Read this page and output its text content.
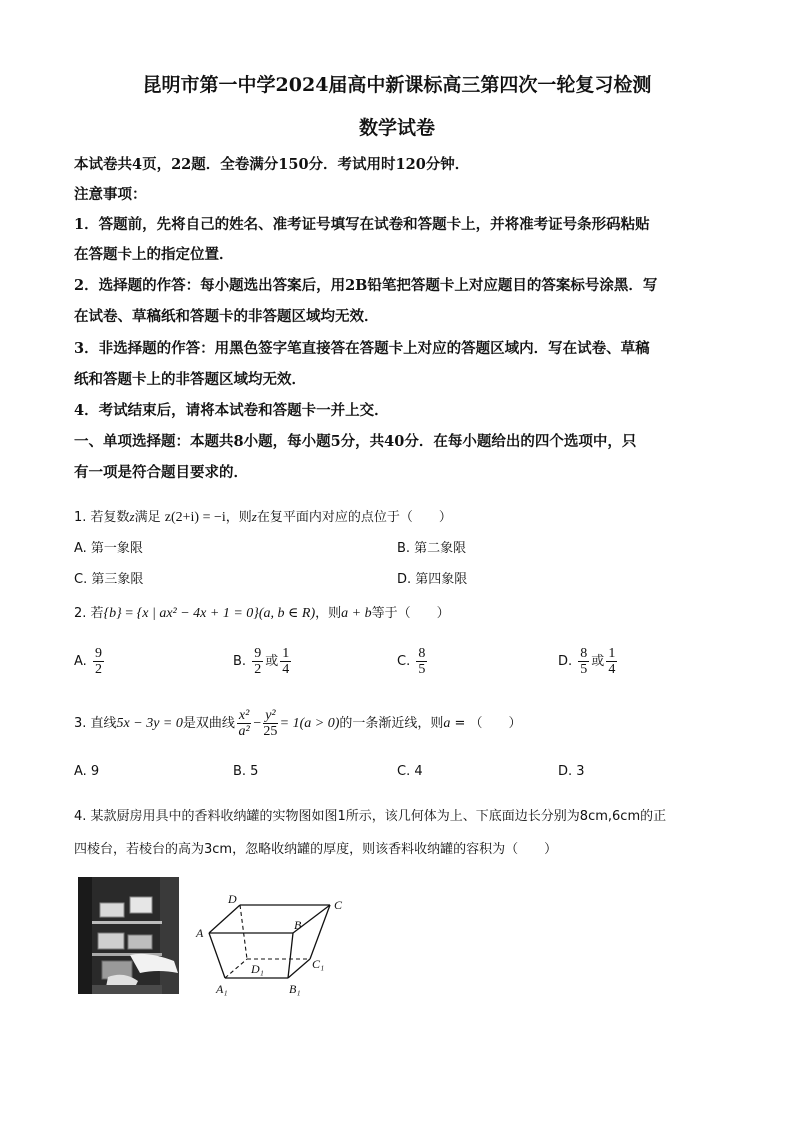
昆明市第一中学2024届高中新课标高三第四次一轮复习检测
数学试卷
本试卷共4页，22题．全卷满分150分．考试用时120分钟．
注意事项：
1．答题前，先将自己的姓名、准考证号填写在试卷和答题卡上，并将准考证号条形码粘贴
在答题卡上的指定位置．
2．选择题的作答：每小题选出答案后，用2B铅笔把答题卡上对应题目的答案标号涂黑．写
在试卷、草稿纸和答题卡的非答题区域均无效．
3．非选择题的作答：用黑色签字笔直接答在答题卡上对应的答题区域内．写在试卷、草稿
纸和答题卡上的非答题区域均无效．
4．考试结束后，请将本试卷和答题卡一并上交．
一、单项选择题：本题共8小题，每小题5分，共40分．在每小题给出的四个选项中，只
有一项是符合题目要求的．
1. 若复数z满足 z(2+i) = −i，则z在复平面内对应的点位于（　　）
A. 第一象限	B. 第二象限
C. 第三象限	D. 第四象限
2. 若{b} = {x | ax² − 4x + 1 = 0}(a, b ∈ R)，则a + b等于（　　）
A. $\frac{9}{2}$	B. $\frac{9}{2}$ 或 $\frac{1}{4}$	C. $\frac{8}{5}$	D. $\frac{8}{5}$ 或 $\frac{1}{4}$
3. 直线5x − 3y = 0是双曲线 $\frac{\text{x²}}{\text{a²}} - \frac{\text{y²}}{25} = 1(a > 0)$的一条渐近线，则a = （　　）
A. 9	B. 5	C. 4	D. 3
4. 某款厨房用具中的香料收纳罐的实物图如图1所示，该几何体为上、下底面边长分别为8cm,6cm的正
四棱台，若棱台的高为3cm，忽略收纳罐的厚度，则该香料收纳罐的容积为（　　）
A
B
C
D
A₁	B₁
C₁
D₁
